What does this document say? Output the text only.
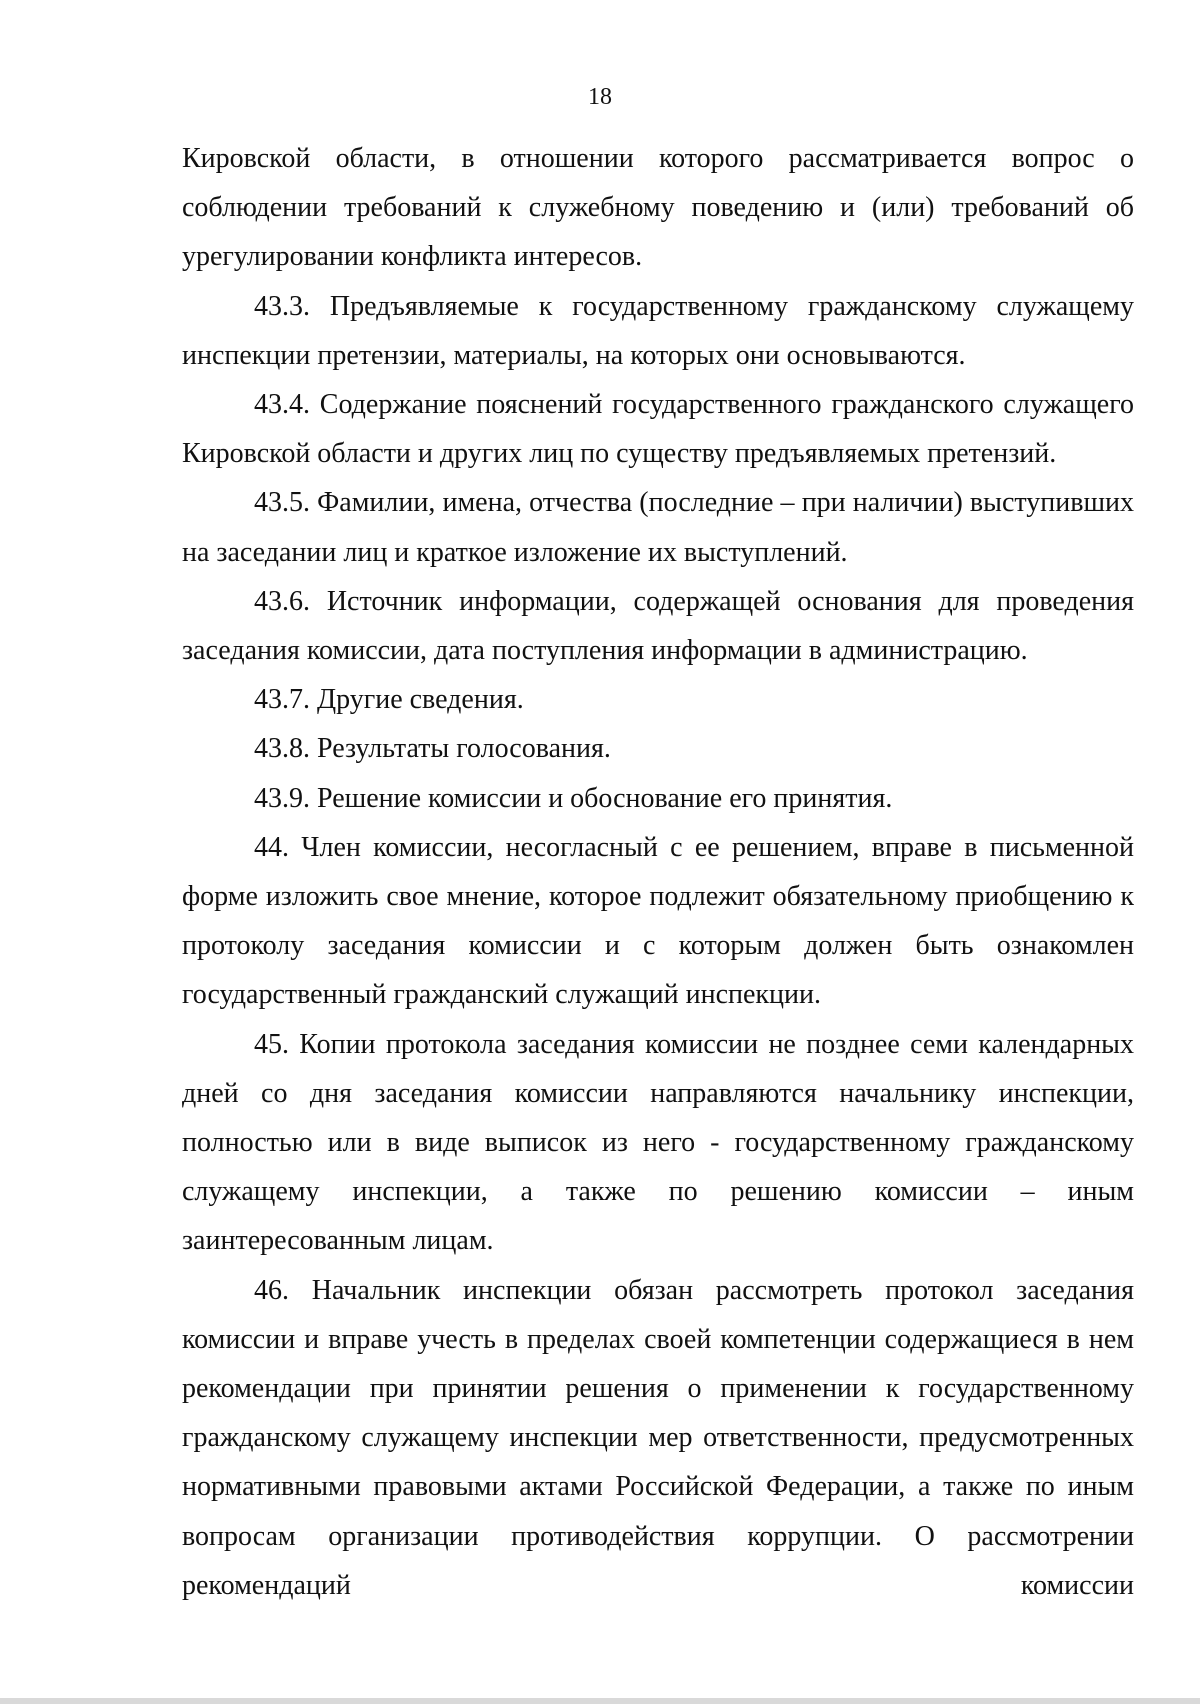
18

Кировской области, в отношении которого рассматривается вопрос о соблюдении требований к служебному поведению и (или) требований об урегулировании конфликта интересов.

43.3. Предъявляемые к государственному гражданскому служащему инспекции претензии, материалы, на которых они основываются.

43.4. Содержание пояснений государственного гражданского служащего Кировской области и других лиц по существу предъявляемых претензий.

43.5. Фамилии, имена, отчества (последние – при наличии) выступивших на заседании лиц и краткое изложение их выступлений.

43.6. Источник информации, содержащей основания для проведения заседания комиссии, дата поступления информации в администрацию.

43.7. Другие сведения.

43.8. Результаты голосования.

43.9. Решение комиссии и обоснование его принятия.

44. Член комиссии, несогласный с ее решением, вправе в письменной форме изложить свое мнение, которое подлежит обязательному приобщению к протоколу заседания комиссии и с которым должен быть ознакомлен государственный гражданский служащий инспекции.

45. Копии протокола заседания комиссии не позднее семи календарных дней со дня заседания комиссии направляются начальнику инспекции, полностью или в виде выписок из него - государственному гражданскому служащему инспекции, а также по решению комиссии – иным заинтересованным лицам.

46. Начальник инспекции обязан рассмотреть протокол заседания комиссии и вправе учесть в пределах своей компетенции содержащиеся в нем рекомендации при принятии решения о применении к государственному гражданскому служащему инспекции мер ответственности, предусмотренных нормативными правовыми актами Российской Федерации, а также по иным вопросам организации противодействия коррупции. О рассмотрении рекомендаций комиссии
